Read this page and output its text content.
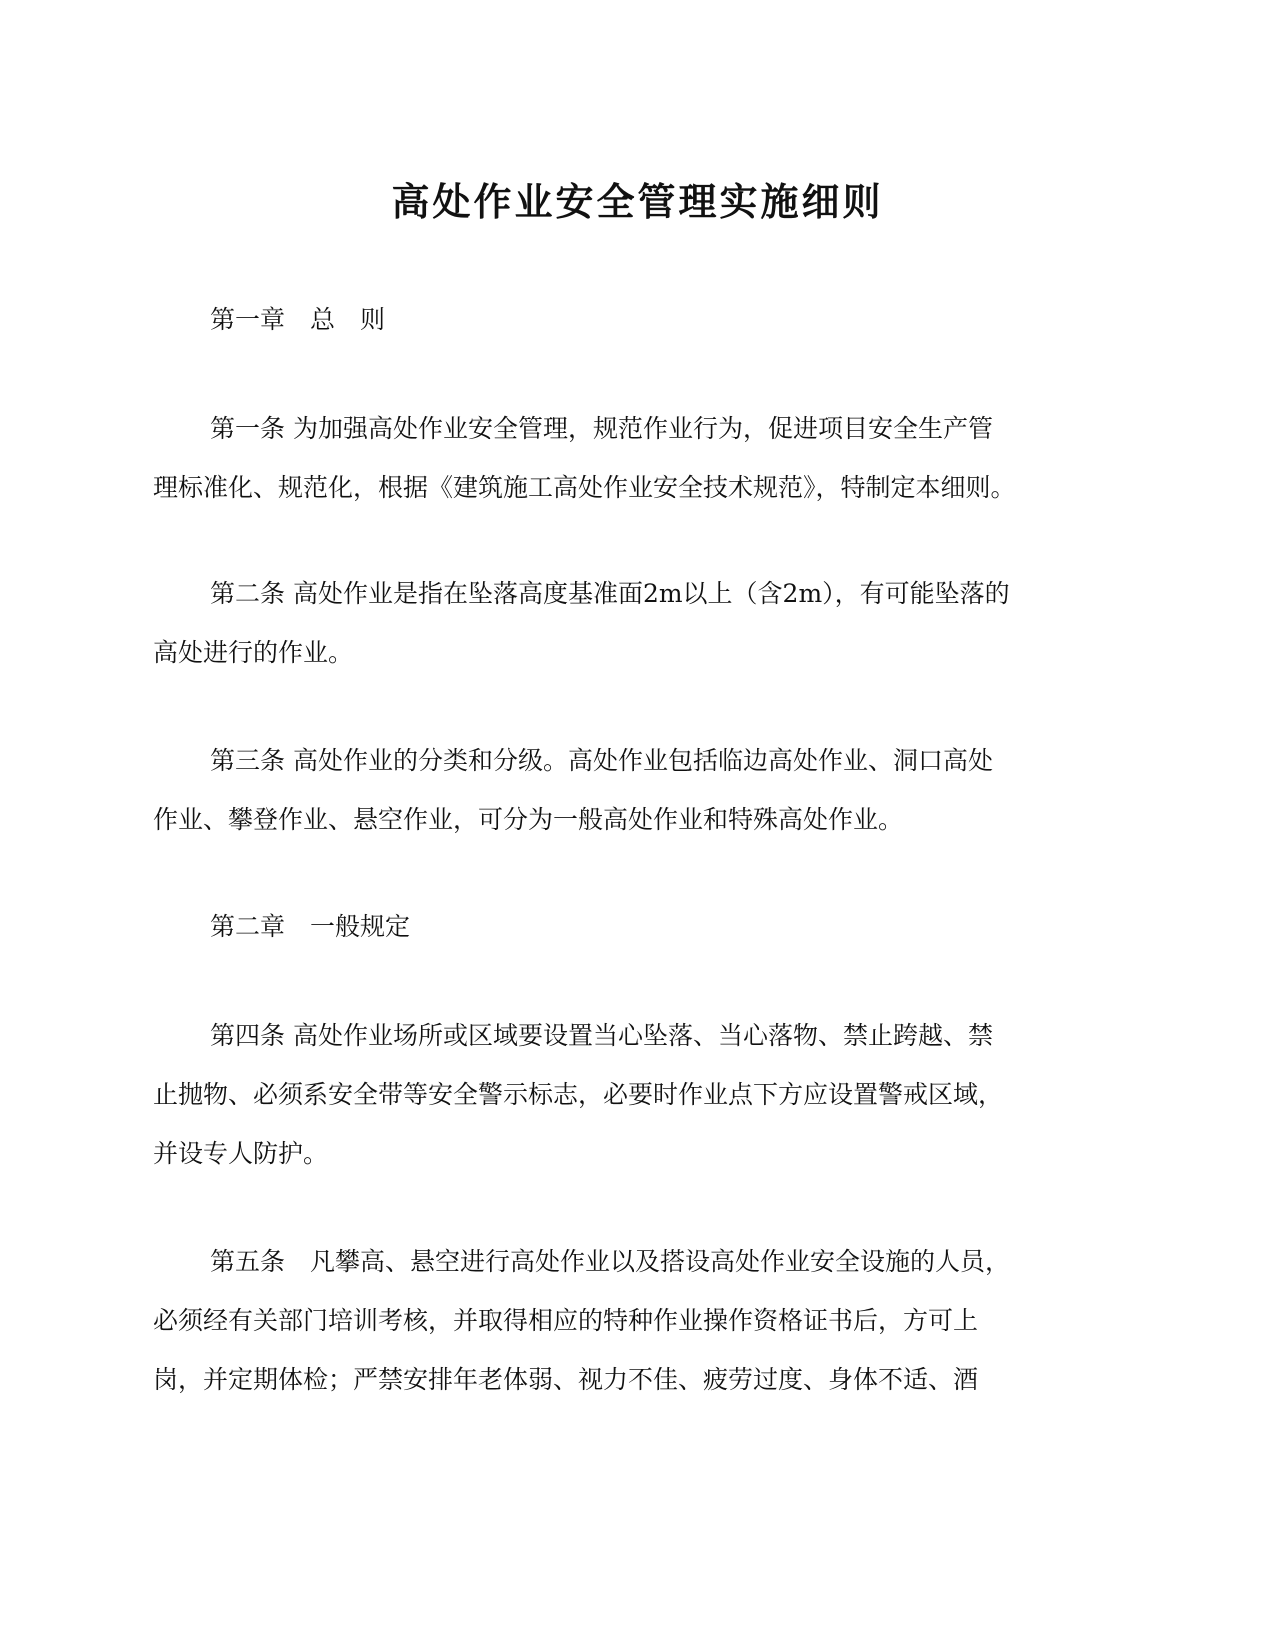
高处作业安全管理实施细则

第一章　总　则

第一条 为加强高处作业安全管理，规范作业行为，促进项目安全生产管
理标准化、规范化，根据《建筑施工高处作业安全技术规范》，特制定本细则。
第二条 高处作业是指在坠落高度基准面2m以上（含2m），有可能坠落的
高处进行的作业。
第三条 高处作业的分类和分级。高处作业包括临边高处作业、洞口高处
作业、攀登作业、悬空作业，可分为一般高处作业和特殊高处作业。

第二章　一般规定

第四条 高处作业场所或区域要设置当心坠落、当心落物、禁止跨越、禁
止抛物、必须系安全带等安全警示标志，必要时作业点下方应设置警戒区域，
并设专人防护。
第五条　凡攀高、悬空进行高处作业以及搭设高处作业安全设施的人员，
必须经有关部门培训考核，并取得相应的特种作业操作资格证书后，方可上
岗，并定期体检；严禁安排年老体弱、视力不佳、疲劳过度、身体不适、酒
